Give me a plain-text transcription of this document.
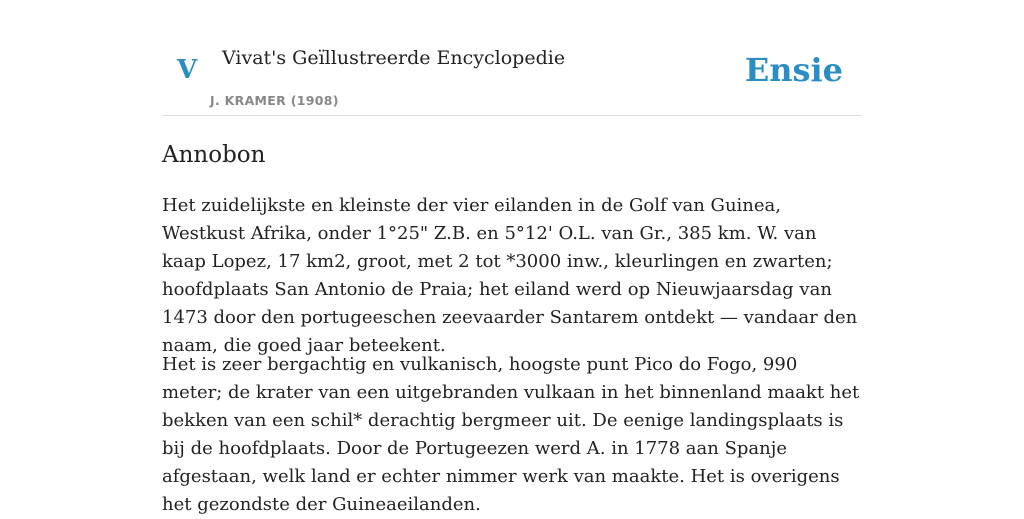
V Vivat's Geïllustreerde Encyclopedie
J. KRAMER (1908)
Ensie
Annobon

Het zuidelijkste en kleinste der vier eilanden in de Golf van Guinea, Westkust Afrika, onder 1°25" Z.B. en 5°12' O.L. van Gr., 385 km. W. van kaap Lopez, 17 km2, groot, met 2 tot *3000 inw., kleurlingen en zwarten; hoofdplaats San Antonio de Praia; het eiland werd op Nieuwjaarsdag van 1473 door den portugeeschen zeevaarder Santarem ontdekt — vandaar den naam, die goed jaar beteekent.

Het is zeer bergachtig en vulkanisch, hoogste punt Pico do Fogo, 990 meter; de krater van een uitgebranden vulkaan in het binnenland maakt het bekken van een schil* derachtig bergmeer uit. De eenige landingsplaats is bij de hoofdplaats. Door de Portugeezen werd A. in 1778 aan Spanje afgestaan, welk land er echter nimmer werk van maakte. Het is overigens het gezondste der Guineaeilanden.
